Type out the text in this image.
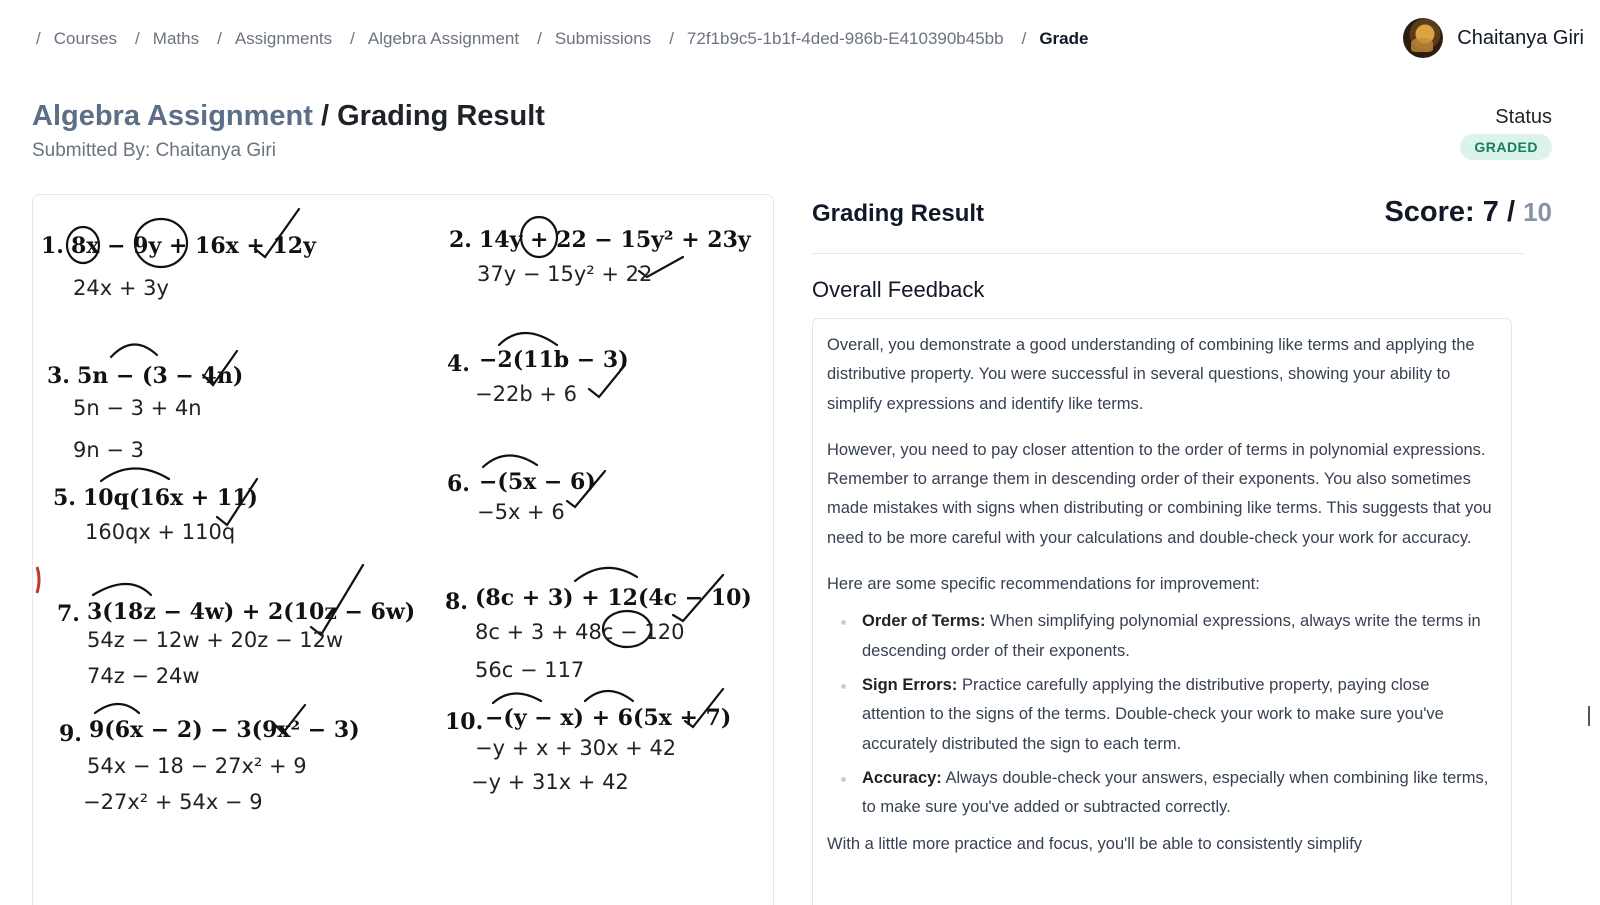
/ Courses / Maths / Assignments / Algebra Assignment / Submissions / 72f1b9c5-1b1f-4ded-986b-E410390b45bb / Grade	Chaitanya Giri
Algebra Assignment / Grading Result
Submitted By: Chaitanya Giri
Status
GRADED
1. 8x − 9y + 16x + 12y
24x + 3y
2. 14y + 22 − 15y² + 23y
37y − 15y² + 22
3. 5n − (3 − 4n)
5n − 3 + 4n
9n − 3
4. −2(11b − 3)
−22b + 6
5. 10q(16x + 11)
160qx + 110q
6. −(5x − 6)
−5x + 6
7. 3(18z − 4w) + 2(10z − 6w)
54z − 12w + 20z − 12w
74z − 24w
8. (8c + 3) + 12(4c − 10)
8c + 3 + 48c − 120
56c − 117
9. 9(6x − 2) − 3(9x² − 3)
54x − 18 − 27x² + 9
−27x² + 54x − 9
10. −(y − x) + 6(5x + 7)
−y + x + 30x + 42
−y + 31x + 42
Grading Result	Score: 7 / 10
Overall Feedback

Overall, you demonstrate a good understanding of combining like terms and applying the distributive property. You were successful in several questions, showing your ability to simplify expressions and identify like terms.

However, you need to pay closer attention to the order of terms in polynomial expressions. Remember to arrange them in descending order of their exponents. You also sometimes made mistakes with signs when distributing or combining like terms. This suggests that you need to be more careful with your calculations and double-check your work for accuracy.

Here are some specific recommendations for improvement:

Order of Terms: When simplifying polynomial expressions, always write the terms in descending order of their exponents.
Sign Errors: Practice carefully applying the distributive property, paying close attention to the signs of the terms. Double-check your work to make sure you've accurately distributed the sign to each term.
Accuracy: Always double-check your answers, especially when combining like terms, to make sure you've added or subtracted correctly.

With a little more practice and focus, you'll be able to consistently simplify
